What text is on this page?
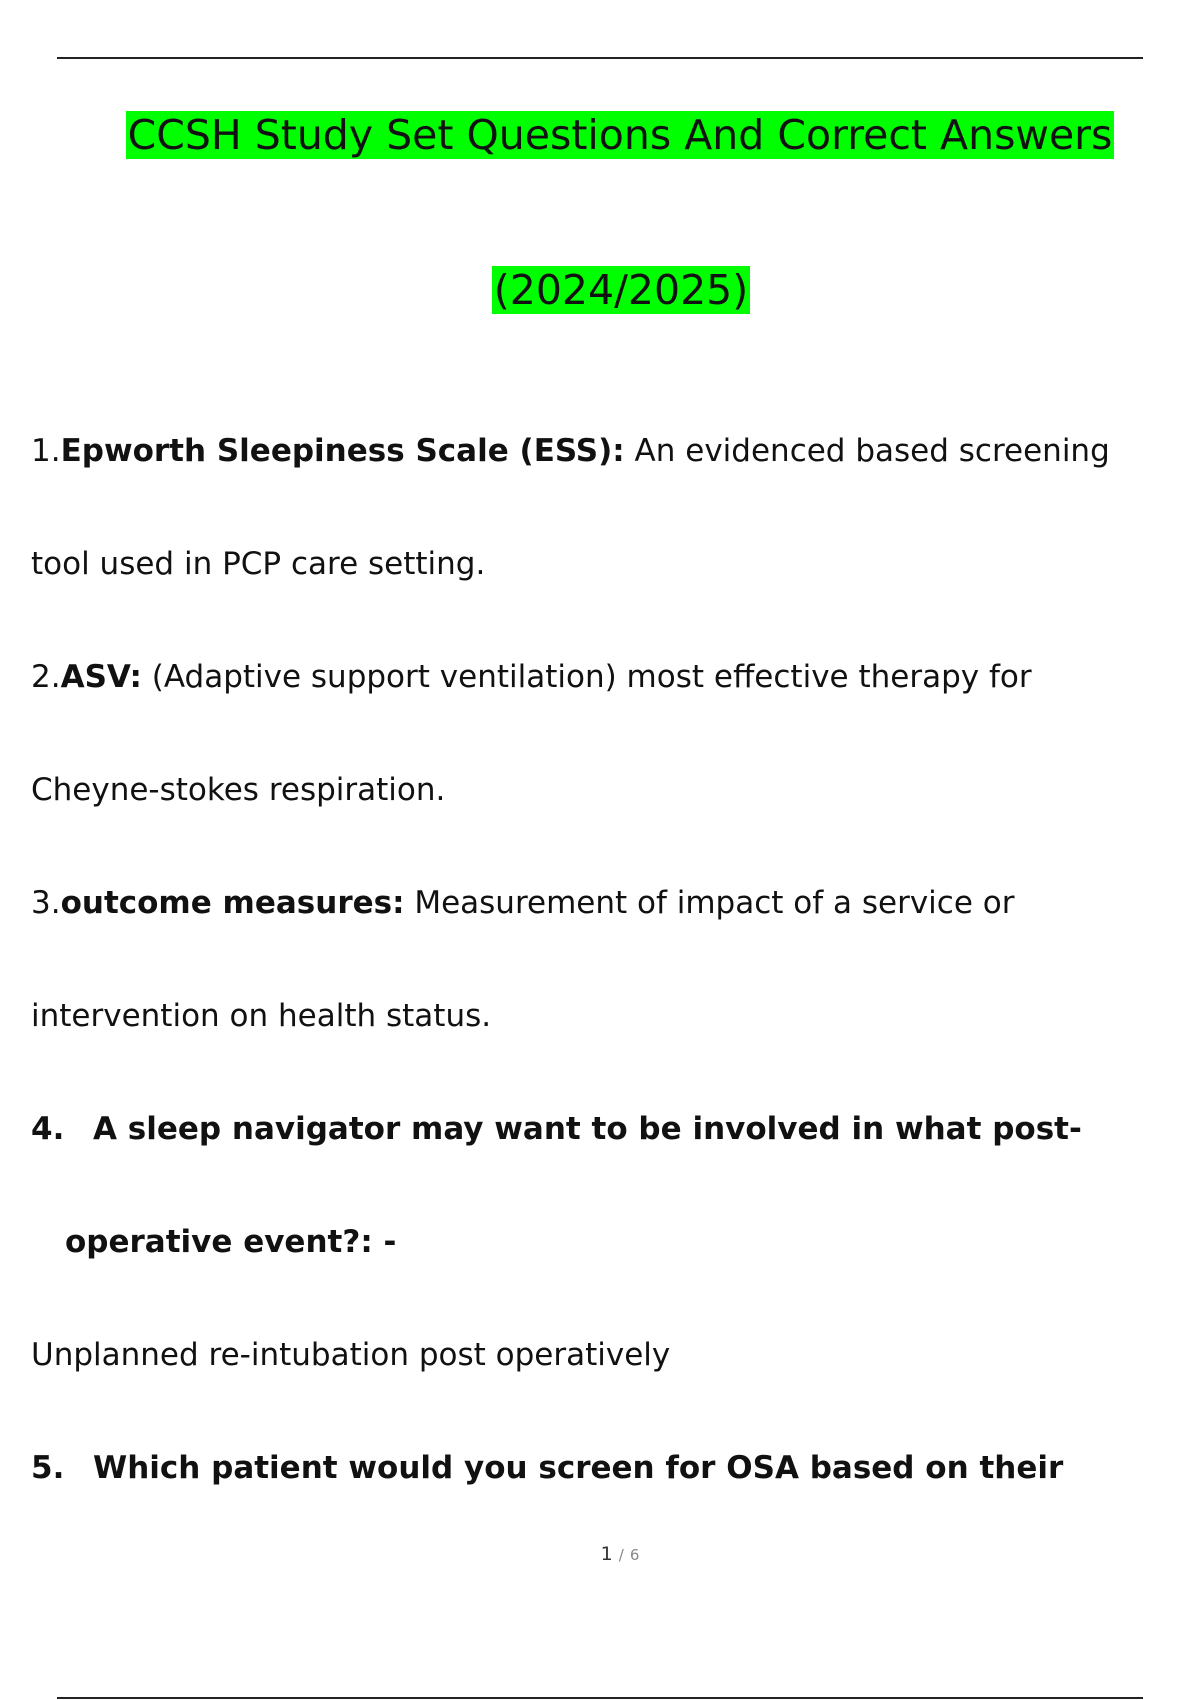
CCSH Study Set Questions And Correct Answers
(2024/2025)
1.Epworth Sleepiness Scale (ESS): An evidenced based screening
tool used in PCP care setting.
2.ASV: (Adaptive support ventilation) most effective therapy for
Cheyne-stokes respiration.
3.outcome measures: Measurement of impact of a service or
intervention on health status.
4. A sleep navigator may want to be involved in what post-
operative event?: -
Unplanned re-intubation post operatively
5. Which patient would you screen for OSA based on their
1 / 6
